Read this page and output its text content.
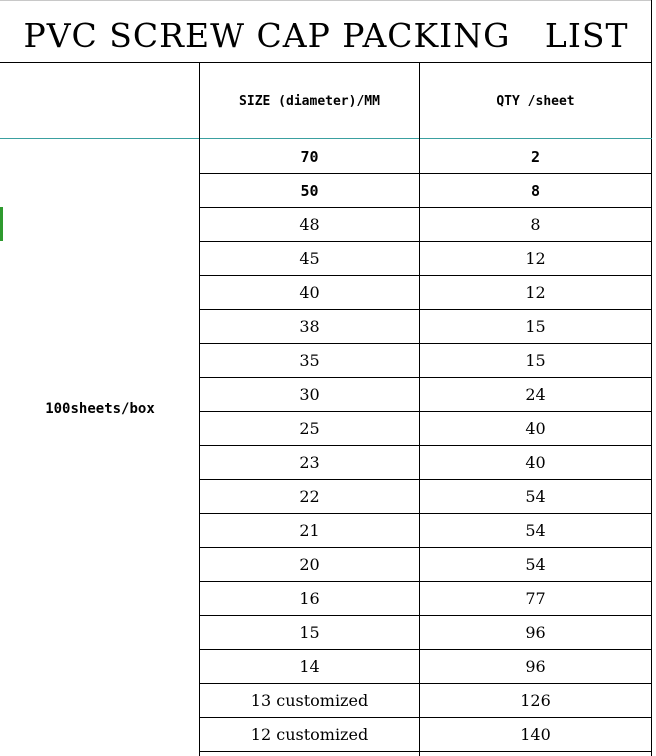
PVC SCREW CAP PACKING   LIST
SIZE (diameter)/MM	QTY /sheet
100sheets/box
70	2
50	8
48	8
45	12
40	12
38	15
35	15
30	24
25	40
23	40
22	54
21	54
20	54
16	77
15	96
14	96
13 customized	126
12 customized	140
